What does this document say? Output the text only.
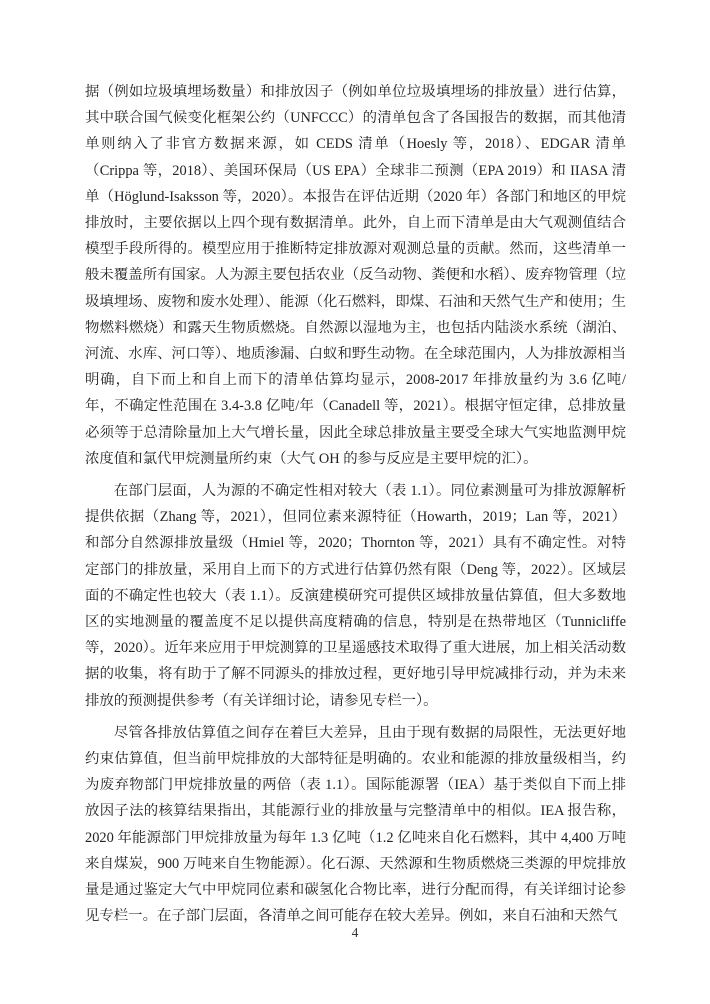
据（例如垃圾填埋场数量）和排放因子（例如单位垃圾填埋场的排放量）进行估算，其中联合国气候变化框架公约（UNFCCC）的清单包含了各国报告的数据，而其他清单则纳入了非官方数据来源，如 CEDS 清单（Hoesly 等，2018）、EDGAR 清单（Crippa 等，2018）、美国环保局（US EPA）全球非二预测（EPA 2019）和 IIASA 清单（Höglund-Isaksson 等，2020）。本报告在评估近期（2020 年）各部门和地区的甲烷排放时，主要依据以上四个现有数据清单。此外，自上而下清单是由大气观测值结合模型手段所得的。模型应用于推断特定排放源对观测总量的贡献。然而，这些清单一般未覆盖所有国家。人为源主要包括农业（反刍动物、粪便和水稻）、废弃物管理（垃圾填埋场、废物和废水处理）、能源（化石燃料，即煤、石油和天然气生产和使用；生物燃料燃烧）和露天生物质燃烧。自然源以湿地为主，也包括内陆淡水系统（湖泊、河流、水库、河口等）、地质渗漏、白蚁和野生动物。在全球范围内，人为排放源相当明确，自下而上和自上而下的清单估算均显示，2008-2017 年排放量约为 3.6 亿吨/年，不确定性范围在 3.4-3.8 亿吨/年（Canadell 等，2021）。根据守恒定律，总排放量必须等于总清除量加上大气增长量，因此全球总排放量主要受全球大气实地监测甲烷浓度值和氯代甲烷测量所约束（大气 OH 的参与反应是主要甲烷的汇）。

在部门层面，人为源的不确定性相对较大（表 1.1）。同位素测量可为排放源解析提供依据（Zhang 等，2021），但同位素来源特征（Howarth，2019；Lan 等，2021）和部分自然源排放量级（Hmiel 等，2020；Thornton 等，2021）具有不确定性。对特定部门的排放量，采用自上而下的方式进行估算仍然有限（Deng 等，2022）。区域层面的不确定性也较大（表 1.1）。反演建模研究可提供区域排放量估算值，但大多数地区的实地测量的覆盖度不足以提供高度精确的信息，特别是在热带地区（Tunnicliffe 等，2020）。近年来应用于甲烷测算的卫星遥感技术取得了重大进展，加上相关活动数据的收集，将有助于了解不同源头的排放过程，更好地引导甲烷减排行动，并为未来排放的预测提供参考（有关详细讨论，请参见专栏一）。

尽管各排放估算值之间存在着巨大差异，且由于现有数据的局限性，无法更好地约束估算值，但当前甲烷排放的大部特征是明确的。农业和能源的排放量级相当，约为废弃物部门甲烷排放量的两倍（表 1.1）。国际能源署（IEA）基于类似自下而上排放因子法的核算结果指出，其能源行业的排放量与完整清单中的相似。IEA 报告称，2020 年能源部门甲烷排放量为每年 1.3 亿吨（1.2 亿吨来自化石燃料，其中 4,400 万吨来自煤炭，900 万吨来自生物能源）。化石源、天然源和生物质燃烧三类源的甲烷排放量是通过鉴定大气中甲烷同位素和碳氢化合物比率，进行分配而得，有关详细讨论参见专栏一。在子部门层面，各清单之间可能存在较大差异。例如，来自石油和天然气

4
